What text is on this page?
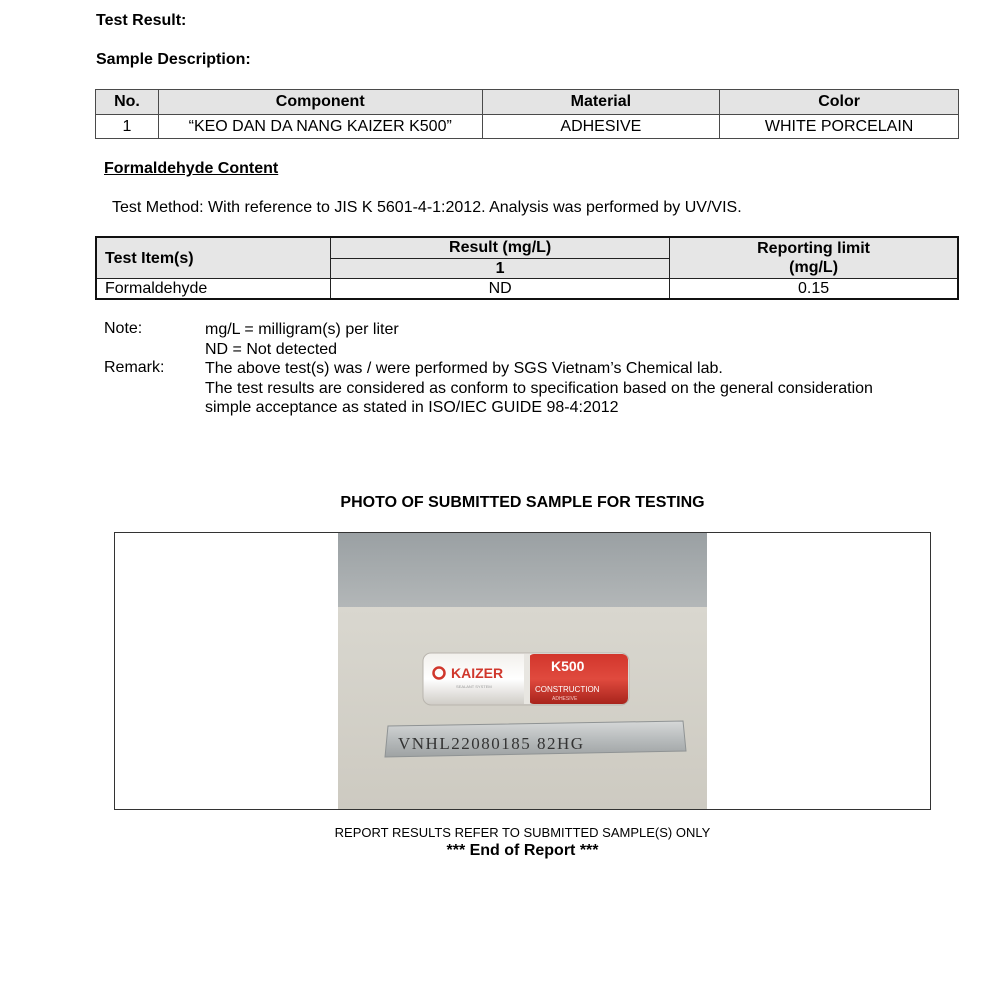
Test Result:
Sample Description:
No.	Component	Material	Color
1	“KEO DAN DA NANG KAIZER K500”	ADHESIVE	WHITE PORCELAIN
Formaldehyde Content
Test Method: With reference to JIS K 5601-4-1:2012. Analysis was performed by UV/VIS.
Test Item(s)	Result (mg/L)	Reporting limit
(mg/L)

	1	
Formaldehyde	ND	0.15
Note:	mg/L = milligram(s) per liter
ND = Not detected
Remark:	The above test(s) was / were performed by SGS Vietnam’s Chemical lab.
The test results are considered as conform to specification based on the general consideration
simple acceptance as stated in ISO/IEC GUIDE 98-4:2012
PHOTO OF SUBMITTED SAMPLE FOR TESTING
KAIZER
SEALANT SYSTEM
K500
CONSTRUCTION
ADHESIVE
VNHL22080185 82HG
REPORT RESULTS REFER TO SUBMITTED SAMPLE(S) ONLY
*** End of Report ***
